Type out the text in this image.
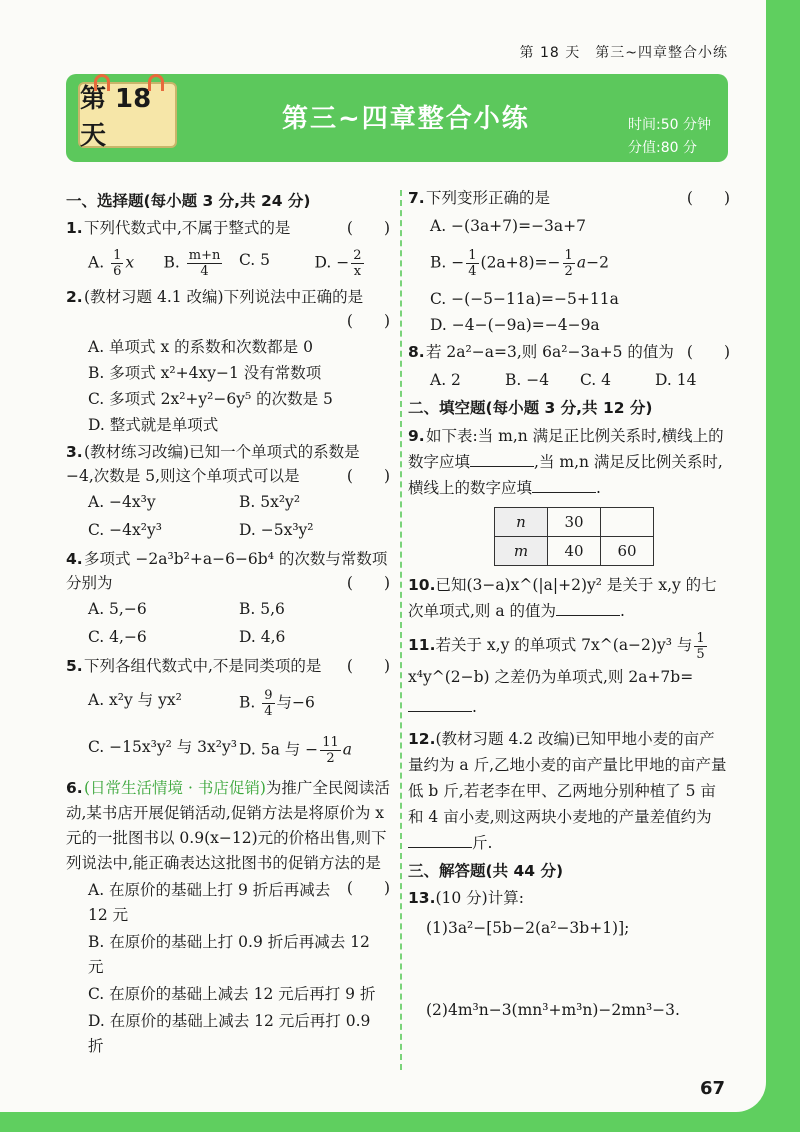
第 18 天　第三~四章整合小练
第 18 天
第三~四章整合小练	时间:50 分钟
分值:80 分
一、选择题(每小题 3 分,共 24 分)
1.下列代数式中,不属于整式的是	(　　)
A. $\frac{1}{6}$ x	B. $\frac{m+n}{4} C$. 5	D. − $\frac{2}{x}$
2.(教材习题 4.1 改编)下列说法中正确的是
(　　)
A. 单项式 x 的系数和次数都是 0
B. 多项式 x²+4xy−1 没有常数项
C. 多项式 2x²+y²−6y⁵ 的次数是 5
D. 整式就是单项式
3.(教材练习改编)已知一个单项式的系数是 −4,次数是 5,则这个单项式可以是	(　　)
A. −4x³y	B. 5x²y²
C. −4x²y³	D. −5x³y²
4.多项式 −2a³b²+a−6−6b⁴ 的次数与常数项分别为	(　　)
A. 5,−6	B. 5,6
C. 4,−6	D. 4,6
5.下列各组代数式中,不是同类项的是 (　　)
A. x²y 与 yx²	B. $\frac{9}{4}$ 与−6
C. −15x³y² 与 3x²y³ D. 5a 与 − $\frac{11}{2}$ a
6.(日常生活情境 · 书店促销)为推广全民阅读活动,某书店开展促销活动,促销方法是将原价为 x 元的一批图书以 0.9(x−12)元的价格出售,则下列说法中,能正确表达这批图书的促销方法的是
(　　)
A. 在原价的基础上打 9 折后再减去 12 元
B. 在原价的基础上打 0.9 折后再减去 12 元
C. 在原价的基础上减去 12 元后再打 9 折
D. 在原价的基础上减去 12 元后再打 0.9 折
7.下列变形正确的是	(　　)
A. −(3a+7)=−3a+7
B. − $\frac{1}{4} (2a+8)=- \frac{1}{2} a-2$
C. −(−5−11a)=−5+11a
D. −4−(−9a)=−4−9a
8.若 2a²−a=3,则 6a²−3a+5 的值为 (　　)
A. 2	B. −4	C. 4	D. 14
二、填空题(每小题 3 分,共 12 分)
9.如下表:当 m,n 满足正比例关系时,横线上的数字应填	,当 m,n 满足反比例关系时,横线上的数字应填	.
n	30	
m	40	60
10.已知(3−a)x^(|a|+2)y² 是关于 x,y 的七次单项式,则 a 的值为	.
11.若关于 x,y 的单项式 7x^(a−2)y³ 与 $\frac{1}{5}$
x⁴y^(2−b) 之差仍为单项式,则 2a+7b=.
12.(教材习题 4.2 改编)已知甲地小麦的亩产量约为 a 斤,乙地小麦的亩产量比甲地的亩产量低 b 斤,若老李在甲、乙两地分别种植了 5 亩和 4 亩小麦,则这两块小麦地的产量差值约为斤.
三、解答题(共 44 分)
13.(10 分)计算:
(1)3a²−[5b−2(a²−3b+1)];
(2)4m³n−3(mn³+m³n)−2mn³−3.
67
